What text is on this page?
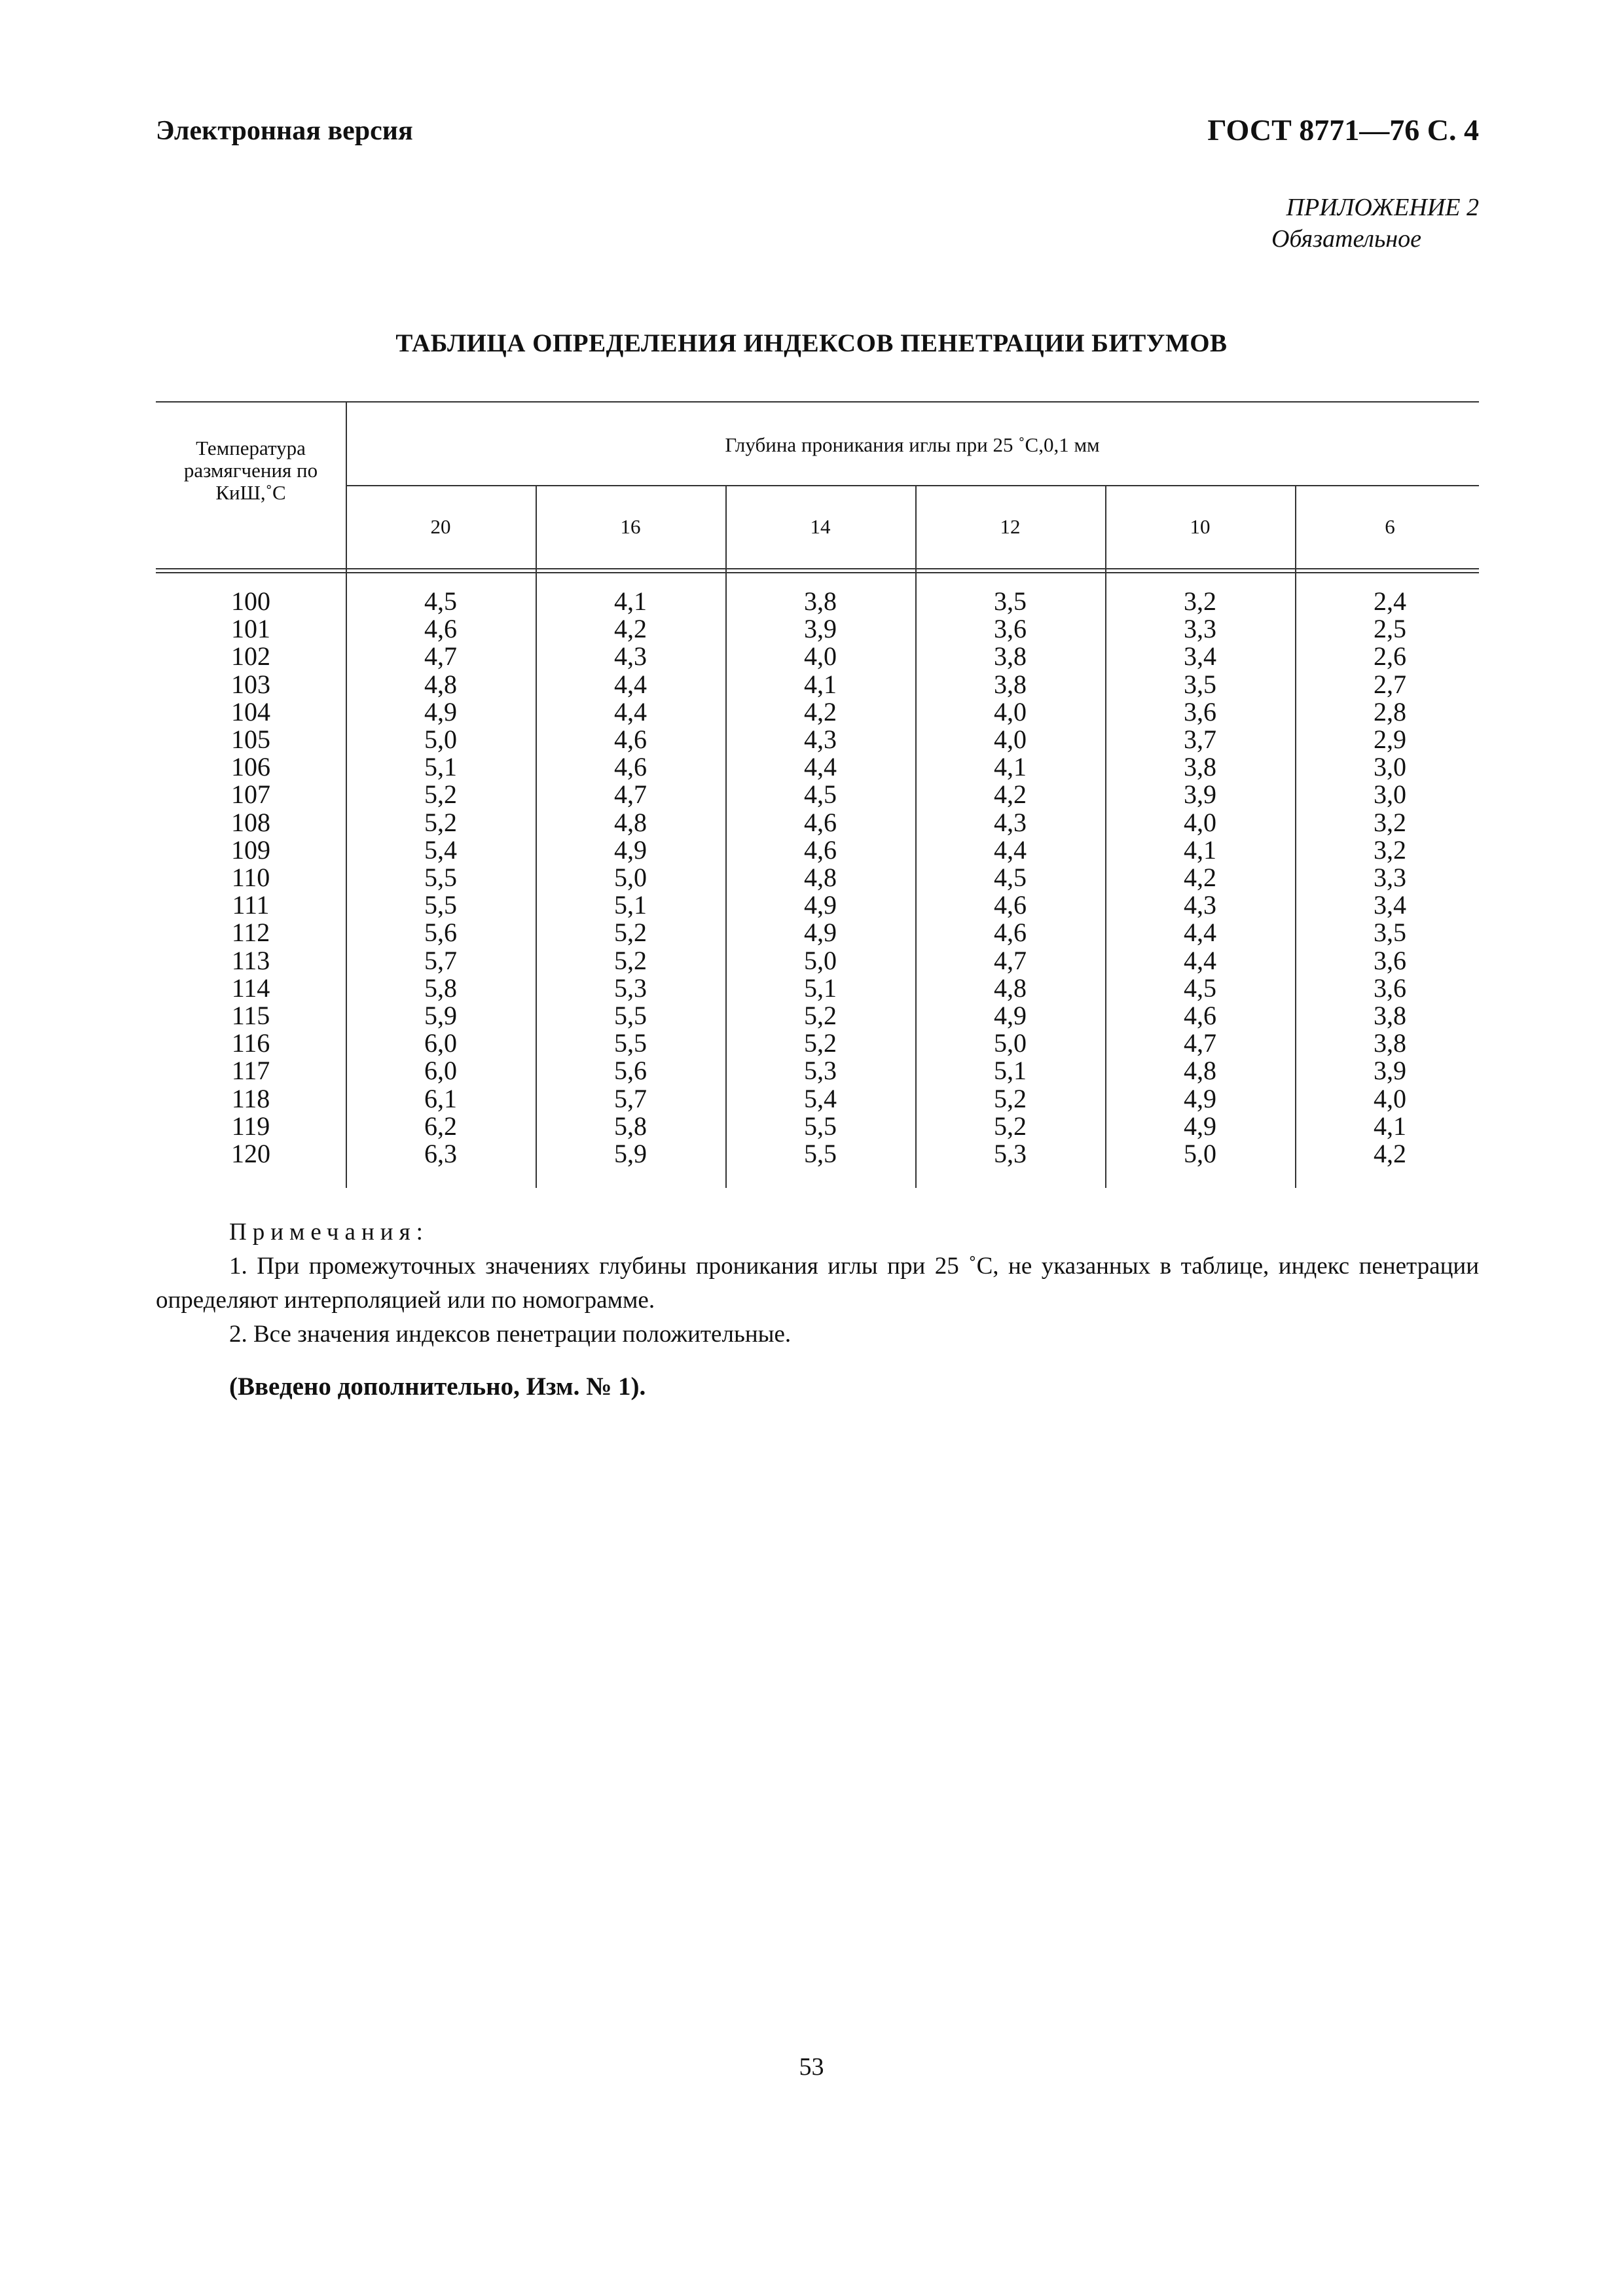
Электронная версия	ГОСТ 8771—76 С. 4
ПРИЛОЖЕНИЕ 2

Обязательное
ТАБЛИЦА ОПРЕДЕЛЕНИЯ ИНДЕКСОВ ПЕНЕТРАЦИИ БИТУМОВ
Температура
размягчения по
КиШ,˚С
Глубина проникания иглы при 25 ˚С,0,1 мм
20	16	14	12	10	6
100	4,5	4,1	3,8	3,5	3,2	2,4
101	4,6	4,2	3,9	3,6	3,3	2,5
102	4,7	4,3	4,0	3,8	3,4	2,6
103	4,8	4,4	4,1	3,8	3,5	2,7
104	4,9	4,4	4,2	4,0	3,6	2,8
105	5,0	4,6	4,3	4,0	3,7	2,9
106	5,1	4,6	4,4	4,1	3,8	3,0
107	5,2	4,7	4,5	4,2	3,9	3,0
108	5,2	4,8	4,6	4,3	4,0	3,2
109	5,4	4,9	4,6	4,4	4,1	3,2
110	5,5	5,0	4,8	4,5	4,2	3,3
111	5,5	5,1	4,9	4,6	4,3	3,4
112	5,6	5,2	4,9	4,6	4,4	3,5
113	5,7	5,2	5,0	4,7	4,4	3,6
114	5,8	5,3	5,1	4,8	4,5	3,6
115	5,9	5,5	5,2	4,9	4,6	3,8
116	6,0	5,5	5,2	5,0	4,7	3,8
117	6,0	5,6	5,3	5,1	4,8	3,9
118	6,1	5,7	5,4	5,2	4,9	4,0
119	6,2	5,8	5,5	5,2	4,9	4,1
120	6,3	5,9	5,5	5,3	5,0	4,2
Примечания:
1. При промежуточных значениях глубины проникания иглы при 25 ˚С, не указанных в таблице, индекс пенетрации определяют интерполяцией или по номограмме.
2. Все значения индексов пенетрации положительные.
(Введено дополнительно, Изм. № 1).
53
